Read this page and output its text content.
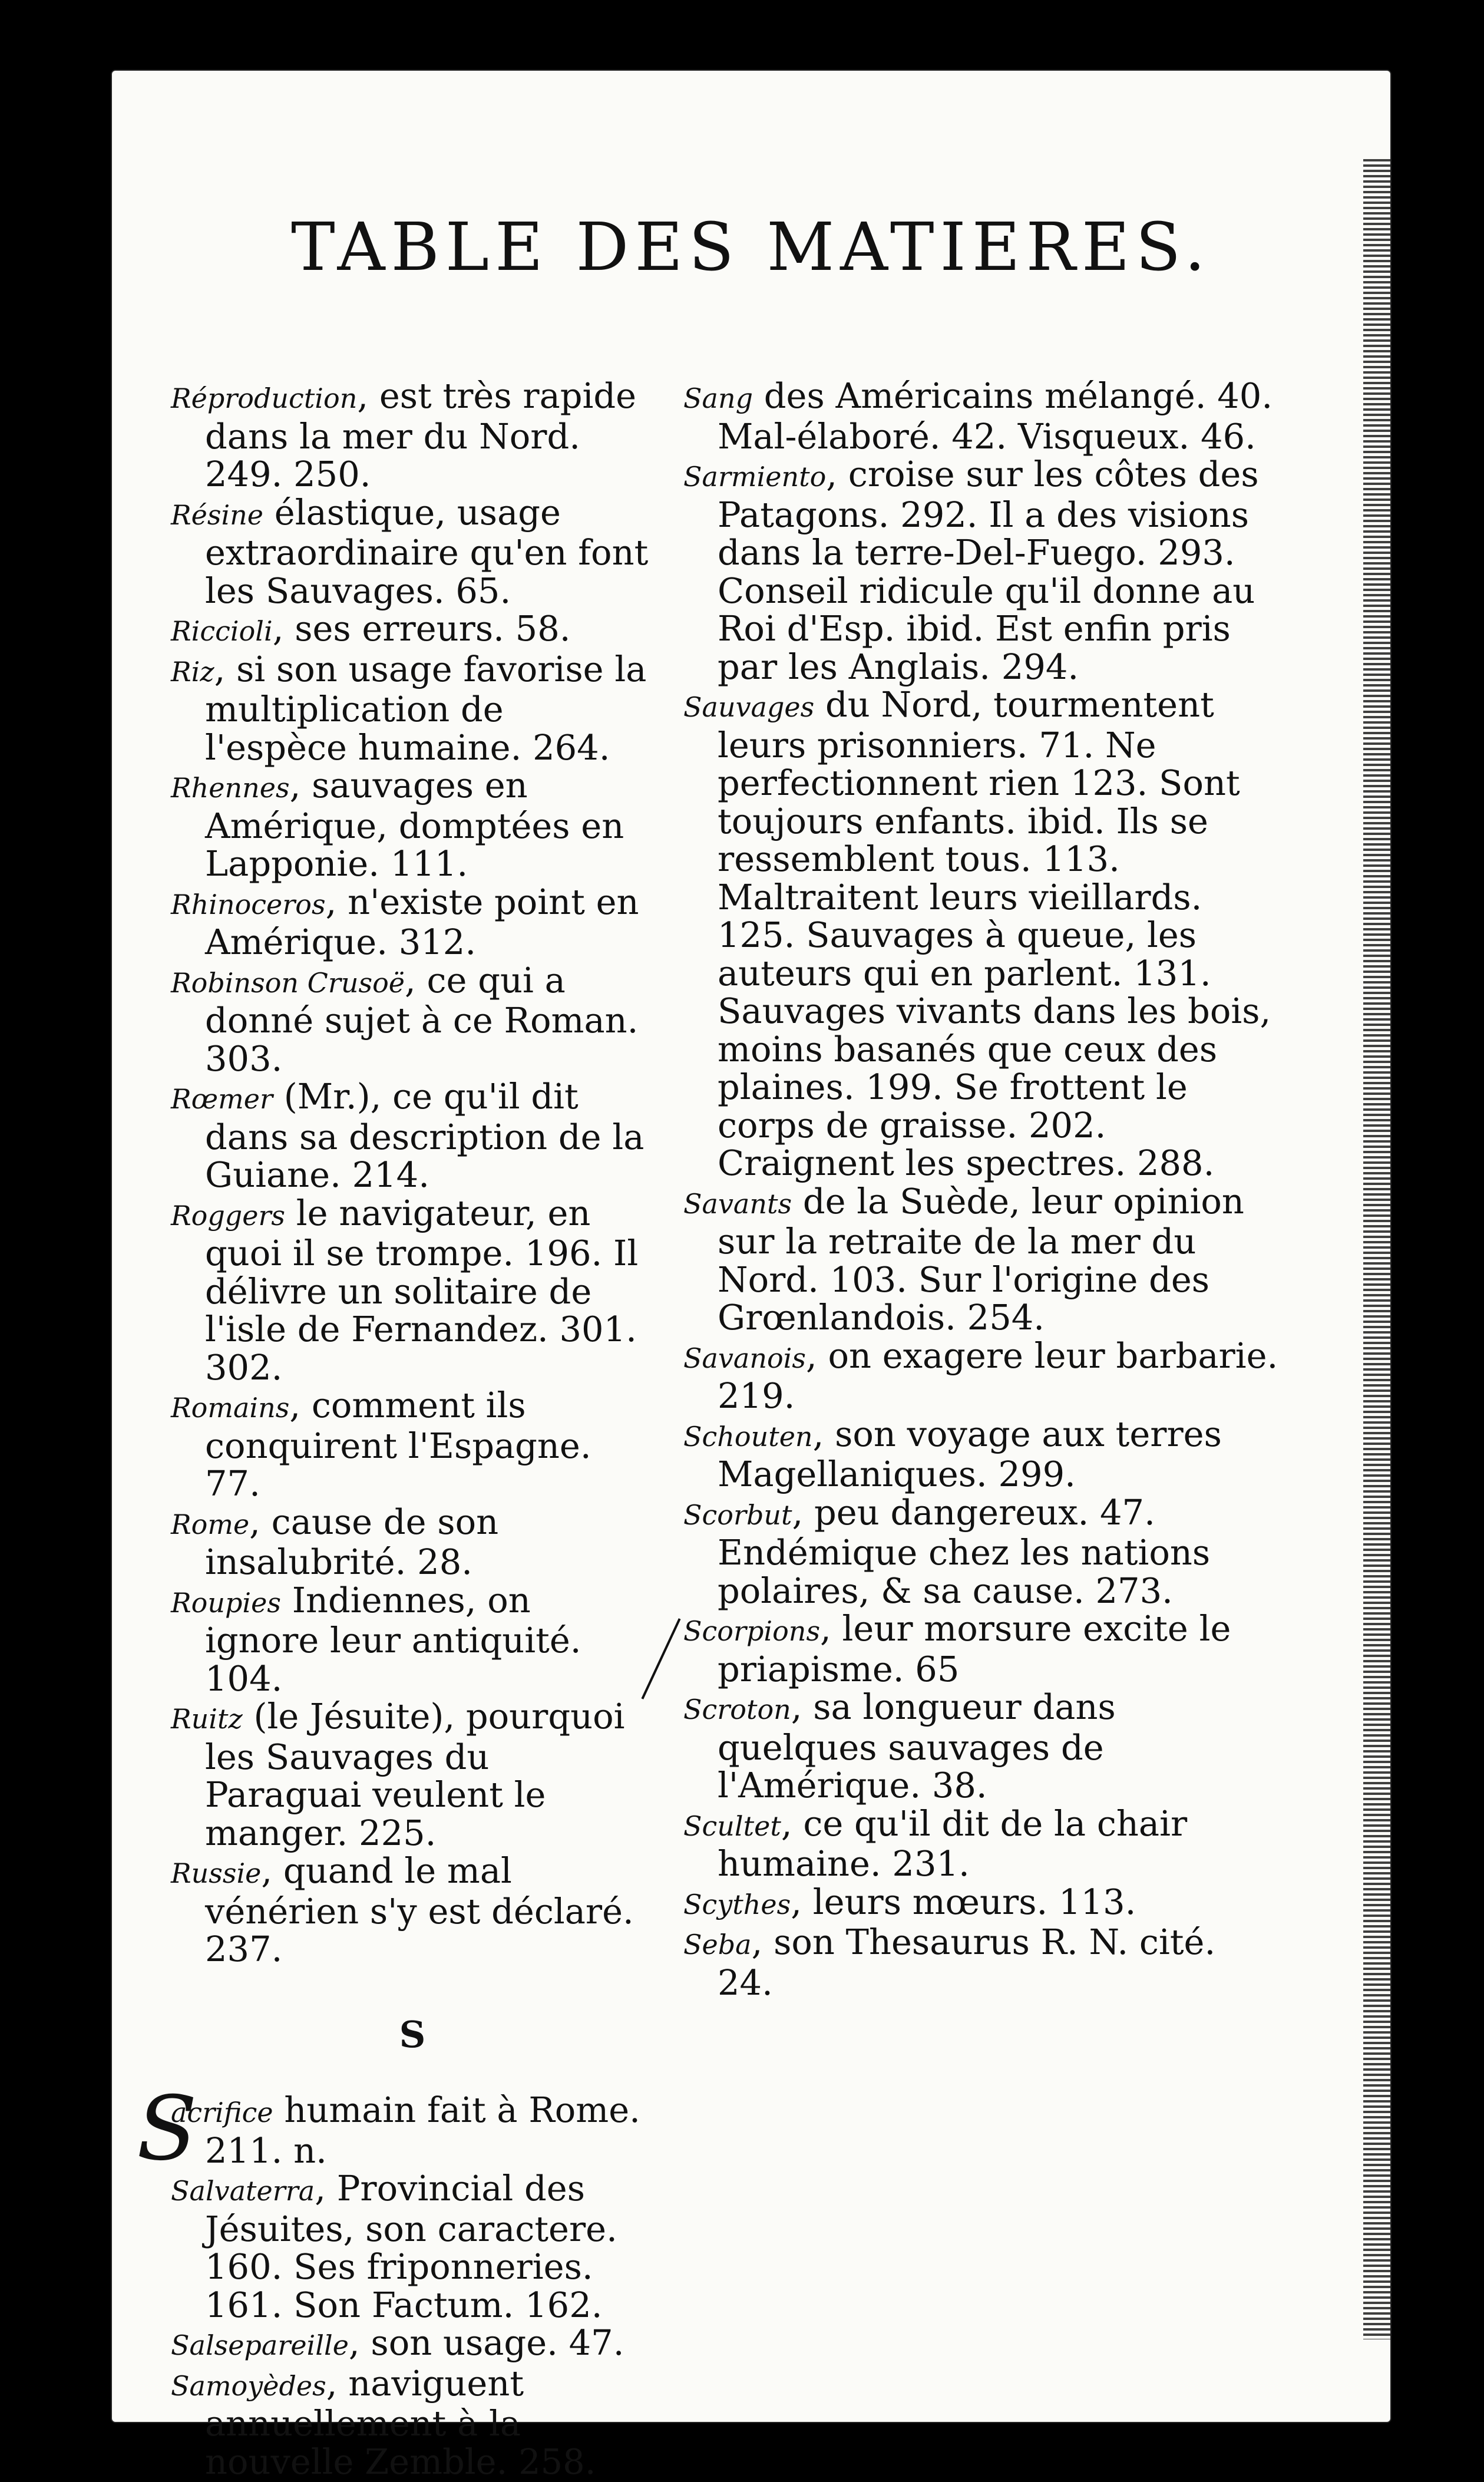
TABLE DES MATIERES.
Réproduction, est très rapide dans la mer du Nord. 249. 250.
Résine élastique, usage extraordinaire qu'en font les Sauvages. 65.
Riccioli, ses erreurs. 58.
Riz, si son usage favorise la multiplication de l'espèce humaine. 264.
Rhennes, sauvages en Amérique, domptées en Lapponie. 111.
Rhinoceros, n'existe point en Amérique. 312.
Robinson Crusoë, ce qui a donné sujet à ce Roman. 303.
Rœmer (Mr.), ce qu'il dit dans sa description de la Guiane. 214.
Roggers le navigateur, en quoi il se trompe. 196. Il délivre un solitaire de l'isle de Fernandez. 301. 302.
Romains, comment ils conquirent l'Espagne. 77.
Rome, cause de son insalubrité. 28.
Roupies Indiennes, on ignore leur antiquité. 104.
Ruitz (le Jésuite), pourquoi les Sauvages du Paraguai veulent le manger. 225.
Russie, quand le mal vénérien s'y est déclaré. 237.
S
S
acrifice humain fait à Rome. 211. n.
Salvaterra, Provincial des Jésuites, son caractere. 160. Ses friponneries. 161. Son Factum. 162.
Salsepareille, son usage. 47.
Samoyèdes, naviguent annuellement à la nouvelle Zemble. 258.
Sang des Américains mélangé. 40. Mal-élaboré. 42. Visqueux. 46.
Sarmiento, croise sur les côtes des Patagons. 292. Il a des visions dans la terre-Del-Fuego. 293. Conseil ridicule qu'il donne au Roi d'Esp. ibid. Est enfin pris par les Anglais. 294.
Sauvages du Nord, tourmentent leurs prisonniers. 71. Ne perfectionnent rien 123. Sont toujours enfants. ibid. Ils se ressemblent tous. 113. Maltraitent leurs vieillards. 125. Sauvages à queue, les auteurs qui en parlent. 131. Sauvages vivants dans les bois, moins basanés que ceux des plaines. 199. Se frottent le corps de graisse. 202. Craignent les spectres. 288.
Savants de la Suède, leur opinion sur la retraite de la mer du Nord. 103. Sur l'origine des Grœnlandois. 254.
Savanois, on exagere leur barbarie. 219.
Schouten, son voyage aux terres Magellaniques. 299.
Scorbut, peu dangereux. 47. Endémique chez les nations polaires, & sa cause. 273.
Scorpions, leur morsure excite le priapisme. 65
Scroton, sa longueur dans quelques sauvages de l'Amérique. 38.
Scultet, ce qu'il dit de la chair humaine. 231.
Scythes, leurs mœurs. 113.
Seba, son Thesaurus R. N. cité. 24.
